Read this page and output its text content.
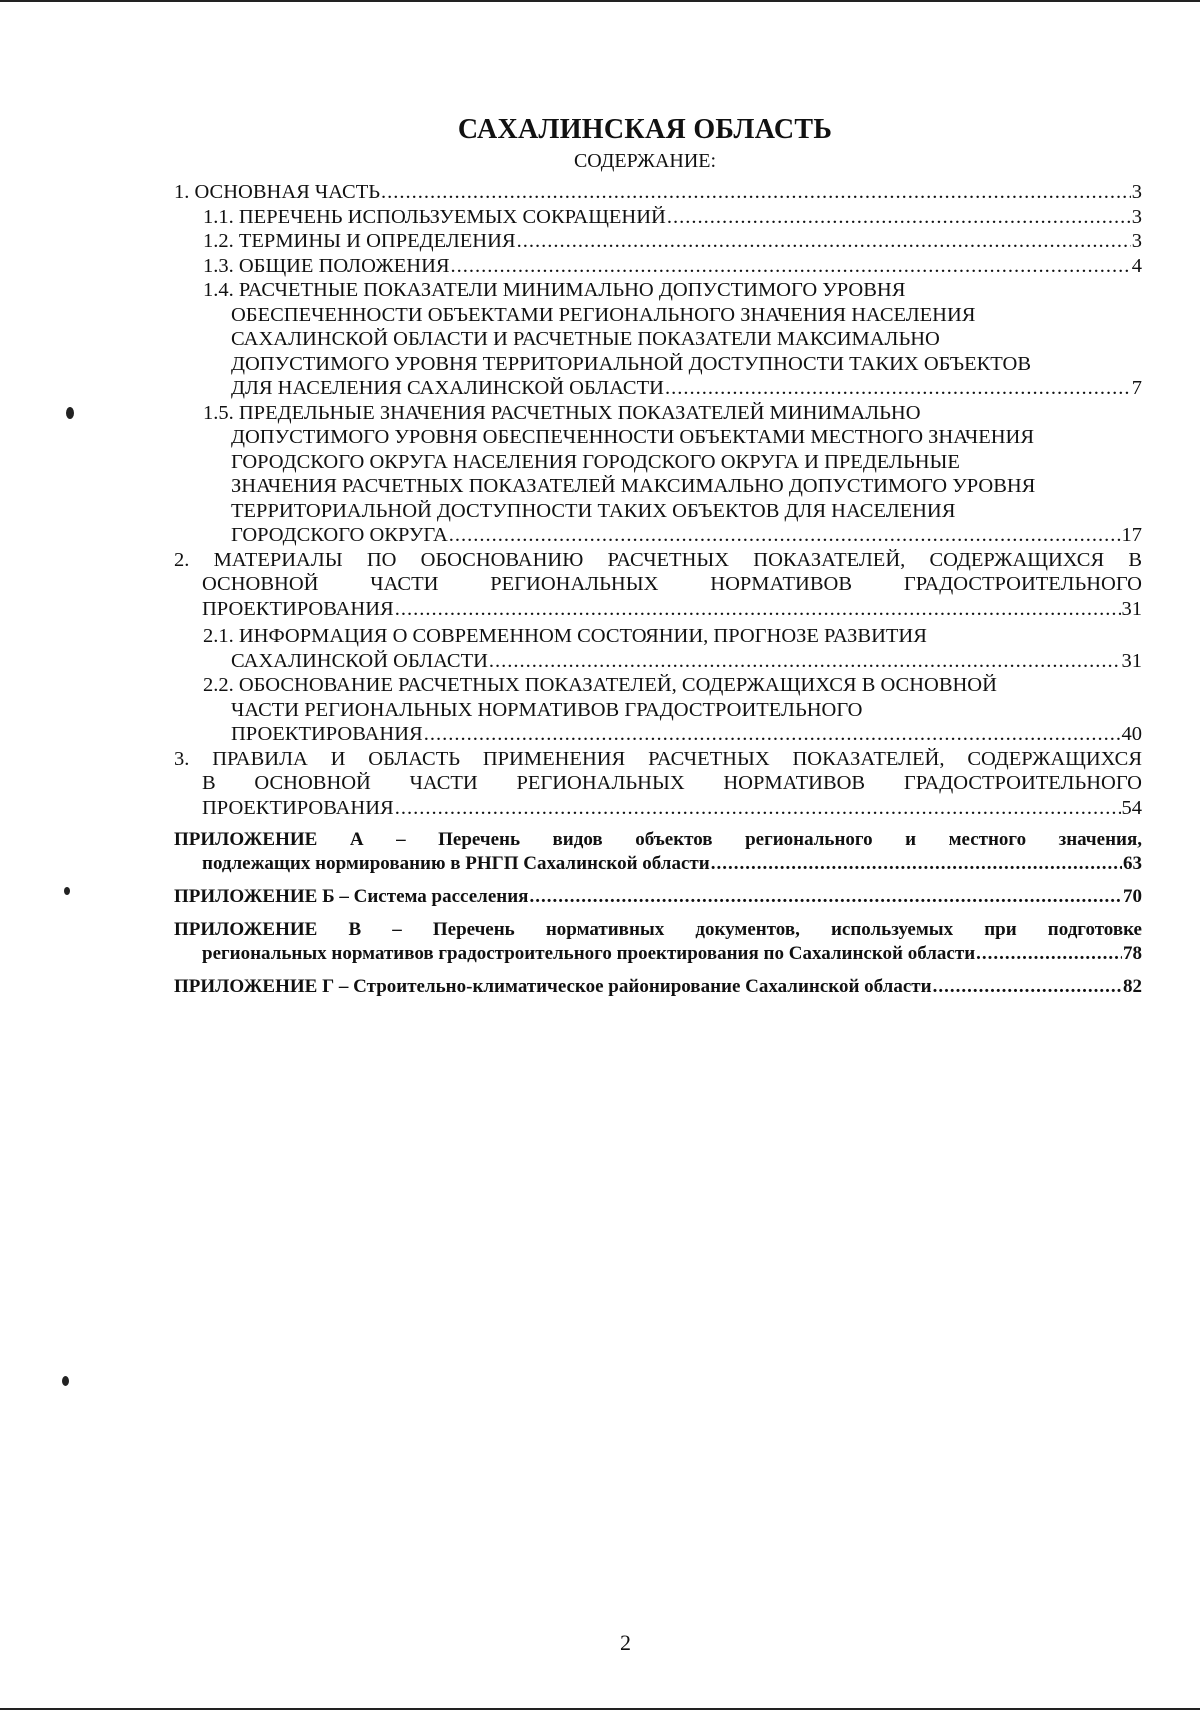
САХАЛИНСКАЯ ОБЛАСТЬ
СОДЕРЖАНИЕ:
1. ОСНОВНАЯ ЧАСТЬ .....	3
1.1. ПЕРЕЧЕНЬ ИСПОЛЬЗУЕМЫХ СОКРАЩЕНИЙ .....	3
1.2. ТЕРМИНЫ И ОПРЕДЕЛЕНИЯ .....	3
1.3. ОБЩИЕ ПОЛОЖЕНИЯ .....	4
1.4. РАСЧЕТНЫЕ ПОКАЗАТЕЛИ МИНИМАЛЬНО ДОПУСТИМОГО УРОВНЯ
ОБЕСПЕЧЕННОСТИ ОБЪЕКТАМИ РЕГИОНАЛЬНОГО ЗНАЧЕНИЯ НАСЕЛЕНИЯ
САХАЛИНСКОЙ ОБЛАСТИ И РАСЧЕТНЫЕ ПОКАЗАТЕЛИ МАКСИМАЛЬНО
ДОПУСТИМОГО УРОВНЯ ТЕРРИТОРИАЛЬНОЙ ДОСТУПНОСТИ ТАКИХ ОБЪЕКТОВ
ДЛЯ НАСЕЛЕНИЯ САХАЛИНСКОЙ ОБЛАСТИ .....	7
1.5. ПРЕДЕЛЬНЫЕ ЗНАЧЕНИЯ РАСЧЕТНЫХ ПОКАЗАТЕЛЕЙ МИНИМАЛЬНО
ДОПУСТИМОГО УРОВНЯ ОБЕСПЕЧЕННОСТИ ОБЪЕКТАМИ МЕСТНОГО ЗНАЧЕНИЯ
ГОРОДСКОГО ОКРУГА НАСЕЛЕНИЯ ГОРОДСКОГО ОКРУГА И ПРЕДЕЛЬНЫЕ
ЗНАЧЕНИЯ РАСЧЕТНЫХ ПОКАЗАТЕЛЕЙ МАКСИМАЛЬНО ДОПУСТИМОГО УРОВНЯ
ТЕРРИТОРИАЛЬНОЙ ДОСТУПНОСТИ ТАКИХ ОБЪЕКТОВ ДЛЯ НАСЕЛЕНИЯ
ГОРОДСКОГО ОКРУГА .....	17
2. МАТЕРИАЛЫ ПО ОБОСНОВАНИЮ РАСЧЕТНЫХ ПОКАЗАТЕЛЕЙ, СОДЕРЖАЩИХСЯ В
ОСНОВНОЙ ЧАСТИ РЕГИОНАЛЬНЫХ НОРМАТИВОВ ГРАДОСТРОИТЕЛЬНОГО
ПРОЕКТИРОВАНИЯ .....	31
2.1. ИНФОРМАЦИЯ О СОВРЕМЕННОМ СОСТОЯНИИ, ПРОГНОЗЕ РАЗВИТИЯ
САХАЛИНСКОЙ ОБЛАСТИ .....	31
2.2. ОБОСНОВАНИЕ РАСЧЕТНЫХ ПОКАЗАТЕЛЕЙ, СОДЕРЖАЩИХСЯ В ОСНОВНОЙ
ЧАСТИ РЕГИОНАЛЬНЫХ НОРМАТИВОВ ГРАДОСТРОИТЕЛЬНОГО
ПРОЕКТИРОВАНИЯ .....	40
3. ПРАВИЛА И ОБЛАСТЬ ПРИМЕНЕНИЯ РАСЧЕТНЫХ ПОКАЗАТЕЛЕЙ, СОДЕРЖАЩИХСЯ
В ОСНОВНОЙ ЧАСТИ РЕГИОНАЛЬНЫХ НОРМАТИВОВ ГРАДОСТРОИТЕЛЬНОГО
ПРОЕКТИРОВАНИЯ .....	54
ПРИЛОЖЕНИЕ А – Перечень видов объектов регионального и местного значения,
подлежащих нормированию в РНГП Сахалинской области .....	63
ПРИЛОЖЕНИЕ Б – Система расселения .....	70
ПРИЛОЖЕНИЕ В – Перечень нормативных документов, используемых при подготовке
региональных нормативов градостроительного проектирования по Сахалинской области .....	78
ПРИЛОЖЕНИЕ Г – Строительно-климатическое районирование Сахалинской области .....	82
2
